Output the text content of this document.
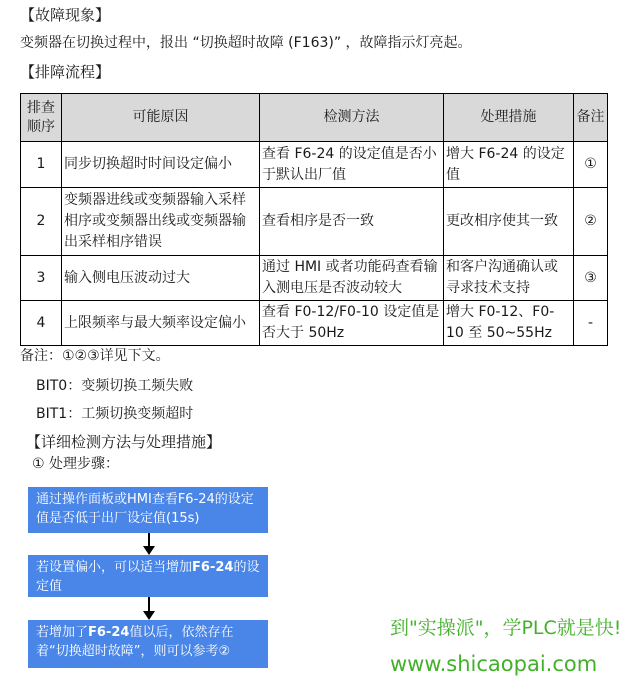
【故障现象】
变频器在切换过程中，报出 “切换超时故障 (F163)” ，故障指示灯亮起。
【排障流程】
排查顺序	可能原因	检测方法	处理措施	备注
1	同步切换超时时间设定偏小	查看 F6-24 的设定值是否小于默认出厂值	增大 F6-24 的设定值	①
2	变频器进线或变频器输入采样相序或变频器出线或变频器输出采样相序错误	查看相序是否一致	更改相序使其一致	②
3	输入侧电压波动过大	通过 HMI 或者功能码查看输入测电压是否波动较大	和客户沟通确认或寻求技术支持	③
4	上限频率与最大频率设定偏小	查看 F0-12/F0-10 设定值是否大于 50Hz	增大 F0-12、F0-10 至 50~55Hz	-
备注：①②③详见下文。
BIT0：变频切换工频失败
BIT1：工频切换变频超时
【详细检测方法与处理措施】
① 处理步骤：
通过操作面板或HMI查看F6-24的设定值是否低于出厂设定值(15s)
若设置偏小，可以适当增加F6-24的设定值
若增加了F6-24值以后，依然存在着“切换超时故障”，则可以参考②
到"实操派"，学PLC就是快!
www.shicaopai.com
